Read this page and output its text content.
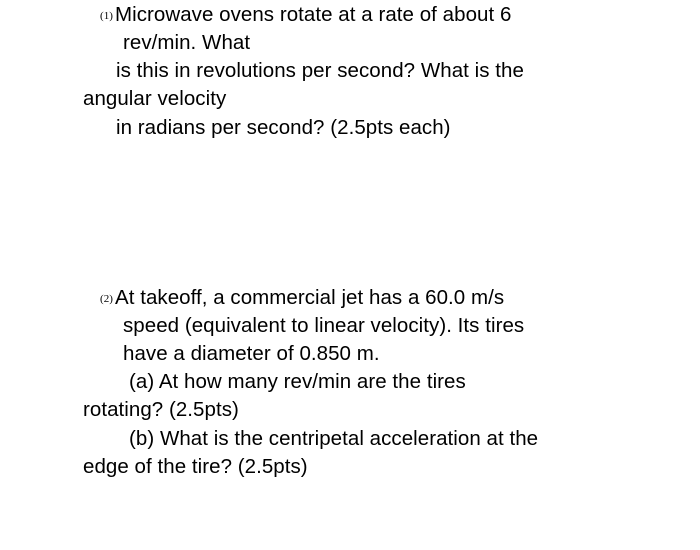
(1)Microwave ovens rotate at a rate of about 6
rev/min. What
is this in revolutions per second? What is the
angular velocity
in radians per second? (2.5pts each)
(2)At takeoff, a commercial jet has a 60.0 m/s
speed (equivalent to linear velocity). Its tires
have a diameter of 0.850 m.
(a) At how many rev/min are the tires
rotating? (2.5pts)
(b) What is the centripetal acceleration at the
edge of the tire? (2.5pts)
